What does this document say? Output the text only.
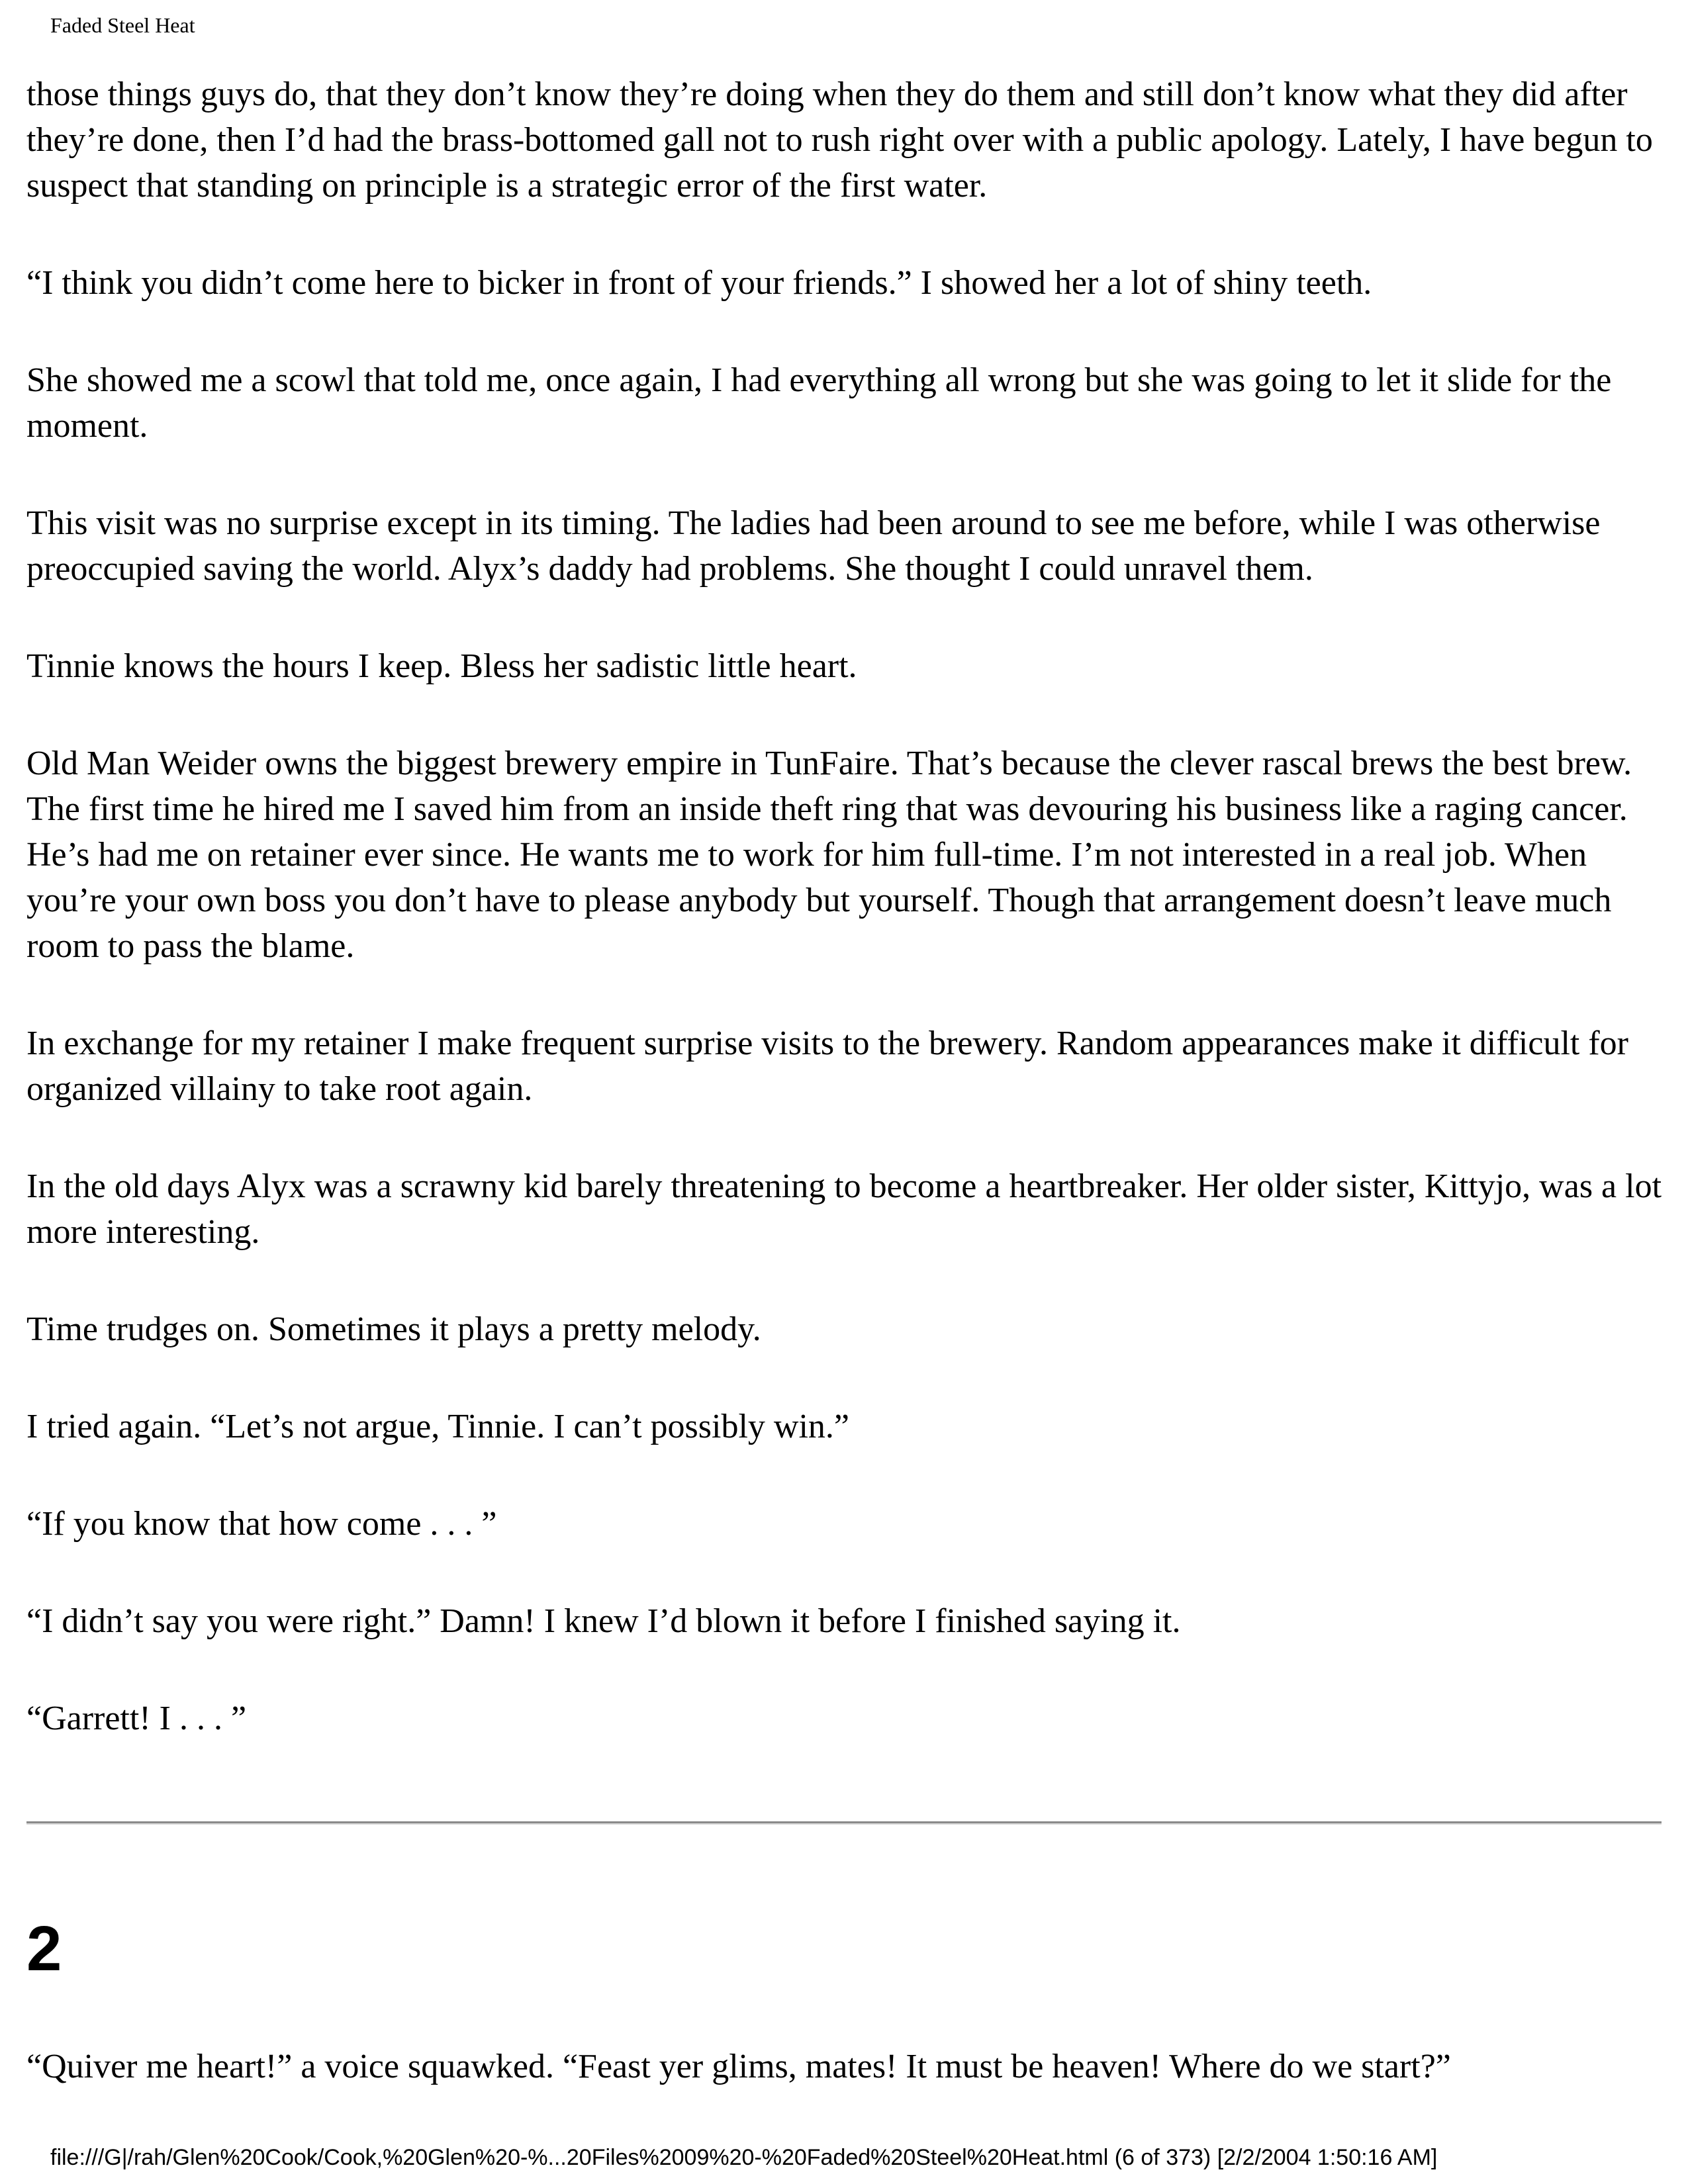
Faded Steel Heat

those things guys do, that they don’t know they’re doing when they do them and still don’t know what they did after they’re done, then I’d had the brass-bottomed gall not to rush right over with a public apology. Lately, I have begun to suspect that standing on principle is a strategic error of the first water.

“I think you didn’t come here to bicker in front of your friends.” I showed her a lot of shiny teeth.

She showed me a scowl that told me, once again, I had everything all wrong but she was going to let it slide for the moment.

This visit was no surprise except in its timing. The ladies had been around to see me before, while I was otherwise preoccupied saving the world. Alyx’s daddy had problems. She thought I could unravel them.

Tinnie knows the hours I keep. Bless her sadistic little heart.

Old Man Weider owns the biggest brewery empire in TunFaire. That’s because the clever rascal brews the best brew. The first time he hired me I saved him from an inside theft ring that was devouring his business like a raging cancer. He’s had me on retainer ever since. He wants me to work for him full-time. I’m not interested in a real job. When you’re your own boss you don’t have to please anybody but yourself. Though that arrangement doesn’t leave much room to pass the blame.

In exchange for my retainer I make frequent surprise visits to the brewery. Random appearances make it difficult for organized villainy to take root again.

In the old days Alyx was a scrawny kid barely threatening to become a heartbreaker. Her older sister, Kittyjo, was a lot more interesting.

Time trudges on. Sometimes it plays a pretty melody.

I tried again. “Let’s not argue, Tinnie. I can’t possibly win.”

“If you know that how come . . . ”

“I didn’t say you were right.” Damn! I knew I’d blown it before I finished saying it.

“Garrett! I . . . ”

2

“Quiver me heart!” a voice squawked. “Feast yer glims, mates! It must be heaven! Where do we start?”

file:///G|/rah/Glen%20Cook/Cook,%20Glen%20-%...20Files%2009%20-%20Faded%20Steel%20Heat.html (6 of 373) [2/2/2004 1:50:16 AM]
